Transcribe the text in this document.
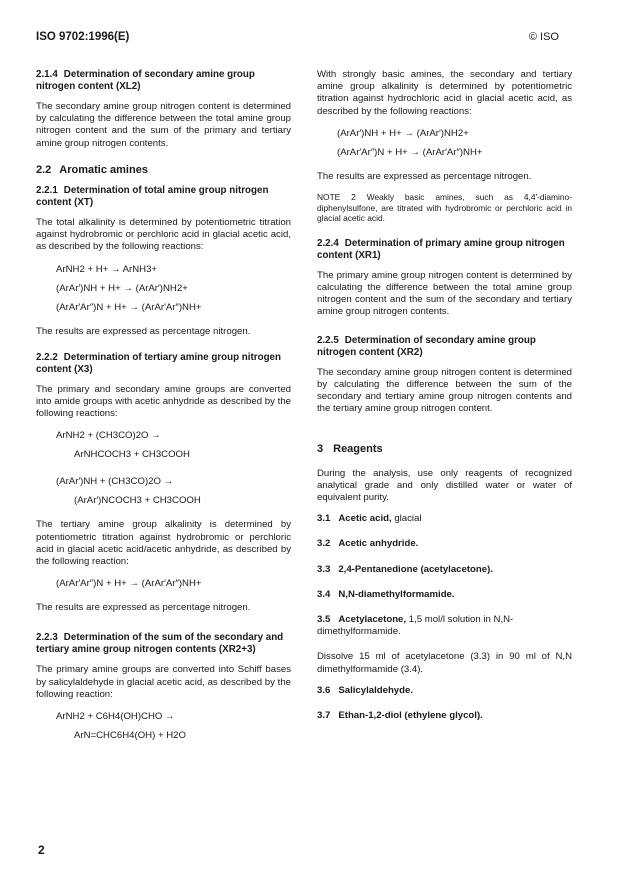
ISO 9702:1996(E)	© ISO
2.1.4 Determination of secondary amine group nitrogen content (XL2)

The secondary amine group nitrogen content is determined by calculating the difference between the total amine group nitrogen content and the sum of the primary and tertiary amine group nitrogen contents.

2.2 Aromatic amines
2.2.1 Determination of total amine group nitrogen content (XT)

The total alkalinity is determined by potentiometric titration against hydrobromic or perchloric acid in glacial acetic acid, as described by the following reactions:

ArNH2 + H+ → ArNH3+
(ArAr′)NH + H+ → (ArAr′)NH2+
(ArAr′Ar″)N + H+ → (ArAr′Ar″)NH+

The results are expressed as percentage nitrogen.

2.2.2 Determination of tertiary amine group nitrogen content (X3)

The primary and secondary amine groups are converted into amide groups with acetic anhydride as described by the following reactions:

ArNH2 + (CH3CO)2O →
ArNHCOCH3 + CH3COOH
(ArAr′)NH + (CH3CO)2O →
(ArAr′)NCOCH3 + CH3COOH

The tertiary amine group alkalinity is determined by potentiometric titration against hydrobromic or perchloric acid in glacial acetic acid/acetic anhydride, as described by the following reaction:

(ArAr′Ar″)N + H+ → (ArAr′Ar″)NH+

The results are expressed as percentage nitrogen.

2.2.3 Determination of the sum of the secondary and tertiary amine group nitrogen contents (XR2+3)

The primary amine groups are converted into Schiff bases by salicylaldehyde in glacial acetic acid, as described by the following reaction:

ArNH2 + C6H4(OH)CHO →
ArN=CHC6H4(OH) + H2O

With strongly basic amines, the secondary and tertiary amine group alkalinity is determined by potentiometric titration against hydrochloric acid in glacial acetic acid, as described by the following reactions:

(ArAr′)NH + H+ → (ArAr′)NH2+
(ArAr′Ar″)N + H+ → (ArAr′Ar″)NH+

The results are expressed as percentage nitrogen.

NOTE 2 Weakly basic amines, such as 4,4′-diamino-diphenylsulfone, are titrated with hydrobromic or perchloric acid in glacial acetic acid.
2.2.4 Determination of primary amine group nitrogen content (XR1)

The primary amine group nitrogen content is determined by calculating the difference between the total amine group nitrogen content and the sum of the secondary and tertiary amine group nitrogen contents.

2.2.5 Determination of secondary amine group nitrogen content (XR2)

The secondary amine group nitrogen content is determined by calculating the difference between the sum of the secondary and tertiary amine group nitrogen contents and the tertiary amine group nitrogen content.

3 Reagents

During the analysis, use only reagents of recognized analytical grade and only distilled water or water of equivalent purity.

3.1 Acetic acid, glacial
3.2 Acetic anhydride.
3.3 2,4-Pentanedione (acetylacetone).
3.4 N,N-diamethylformamide.
3.5 Acetylacetone, 1,5 mol/l solution in N,N-dimethylformamide.

Dissolve 15 ml of acetylacetone (3.3) in 90 ml of N,N dimethylformamide (3.4).

3.6 Salicylaldehyde.
3.7 Ethan-1,2-diol (ethylene glycol).
2
